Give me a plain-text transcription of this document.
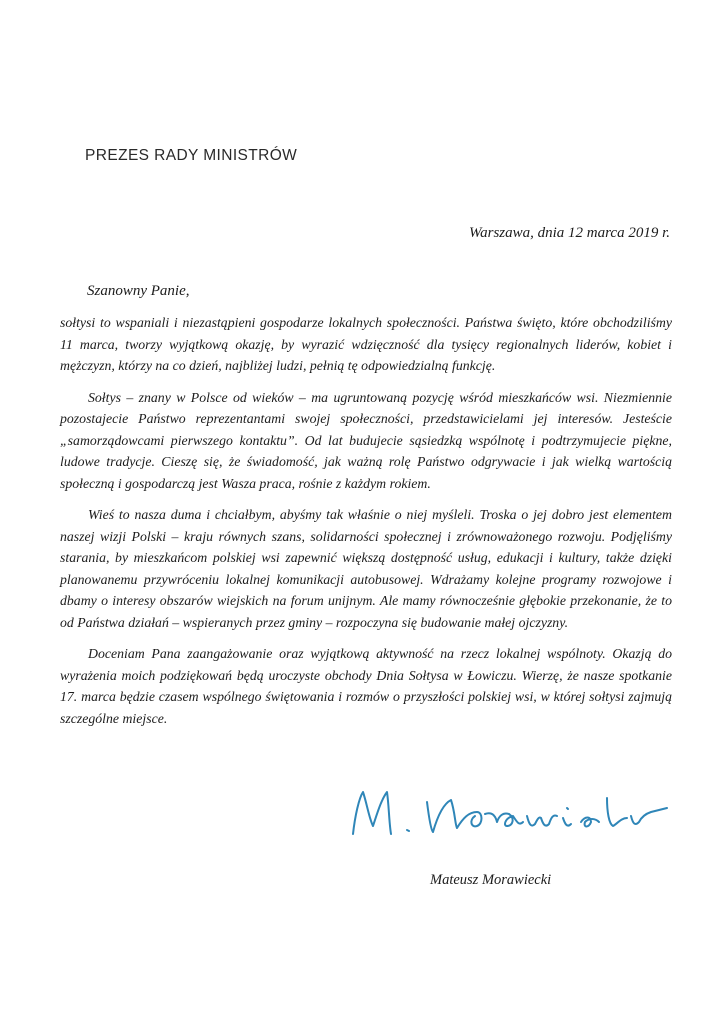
PREZES RADY MINISTRÓW
Warszawa, dnia 12 marca 2019 r.
Szanowny Panie,

sołtysi to wspaniali i niezastąpieni gospodarze lokalnych społeczności. Państwa święto, które obchodziliśmy 11 marca, tworzy wyjątkową okazję, by wyrazić wdzięczność dla tysięcy regionalnych liderów, kobiet i mężczyzn, którzy na co dzień, najbliżej ludzi, pełnią tę odpowiedzialną funkcję.

Sołtys – znany w Polsce od wieków – ma ugruntowaną pozycję wśród mieszkańców wsi. Niezmiennie pozostajecie Państwo reprezentantami swojej społeczności, przedstawicielami jej interesów. Jesteście „samorządowcami pierwszego kontaktu”. Od lat budujecie sąsiedzką wspólnotę i podtrzymujecie piękne, ludowe tradycje. Cieszę się, że świadomość, jak ważną rolę Państwo odgrywacie i jak wielką wartością społeczną i gospodarczą jest Wasza praca, rośnie z każdym rokiem.

Wieś to nasza duma i chciałbym, abyśmy tak właśnie o niej myśleli. Troska o jej dobro jest elementem naszej wizji Polski – kraju równych szans, solidarności społecznej i zrównoważonego rozwoju. Podjęliśmy starania, by mieszkańcom polskiej wsi zapewnić większą dostępność usług, edukacji i kultury, także dzięki planowanemu przywróceniu lokalnej komunikacji autobusowej. Wdrażamy kolejne programy rozwojowe i dbamy o interesy obszarów wiejskich na forum unijnym. Ale mamy równocześnie głębokie przekonanie, że to od Państwa działań – wspieranych przez gminy – rozpoczyna się budowanie małej ojczyzny.

Doceniam Pana zaangażowanie oraz wyjątkową aktywność na rzecz lokalnej wspólnoty. Okazją do wyrażenia moich podziękowań będą uroczyste obchody Dnia Sołtysa w Łowiczu. Wierzę, że nasze spotkanie 17. marca będzie czasem wspólnego świętowania i rozmów o przyszłości polskiej wsi, w której sołtysi zajmują szczególne miejsce.

Mateusz Morawiecki
